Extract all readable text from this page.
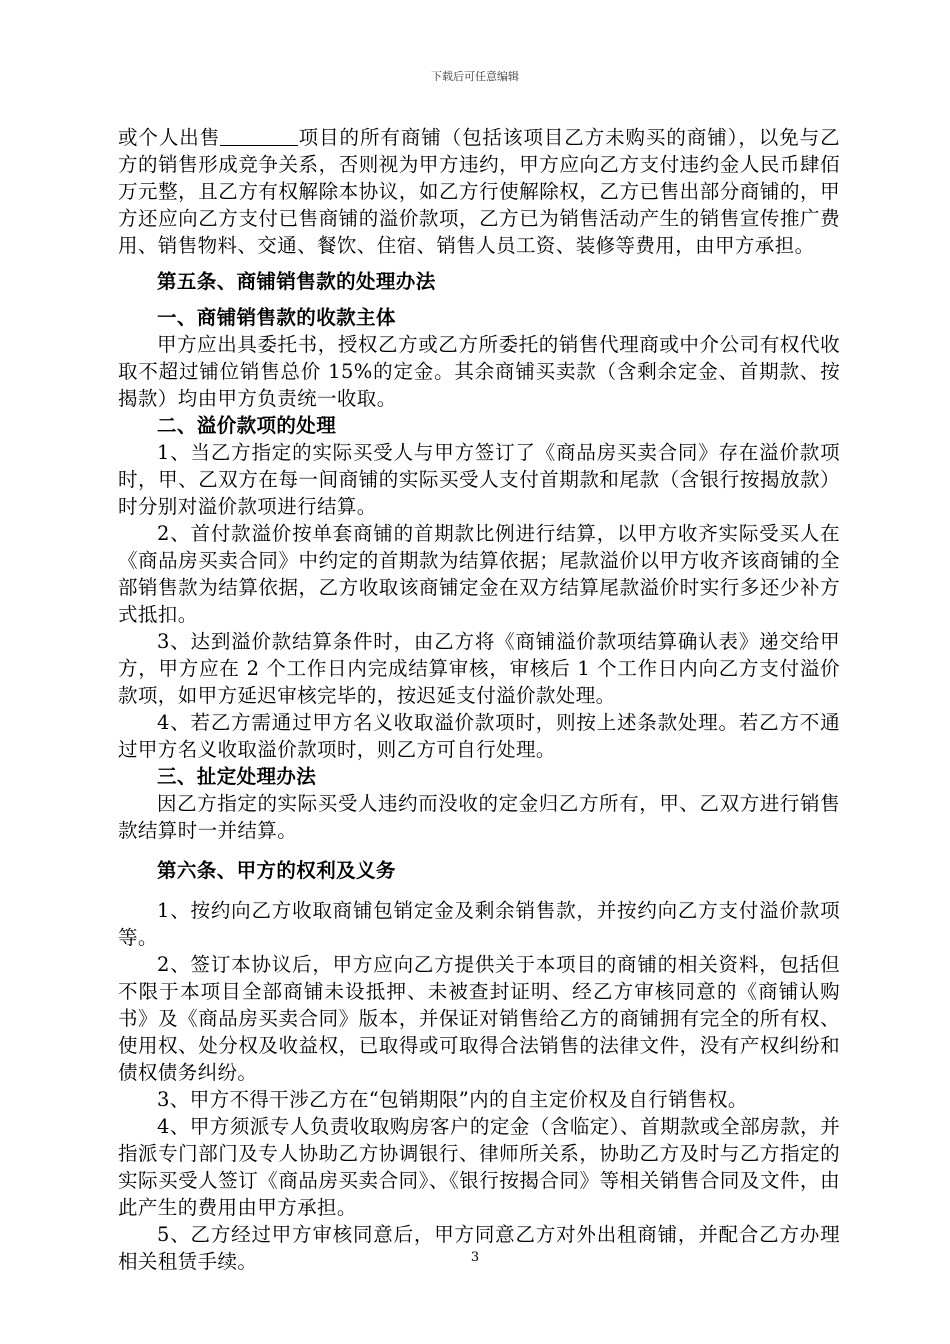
下载后可任意编辑

或个人出售	项目的所有商铺（包括该项目乙方未购买的商铺），以免与乙方的销售形成竞争关系，否则视为甲方违约，甲方应向乙方支付违约金人民币肆佰万元整，且乙方有权解除本协议，如乙方行使解除权，乙方已售出部分商铺的，甲方还应向乙方支付已售商铺的溢价款项，乙方已为销售活动产生的销售宣传推广费用、销售物料、交通、餐饮、住宿、销售人员工资、装修等费用，由甲方承担。

第五条、商铺销售款的处理办法

一、商铺销售款的收款主体

甲方应出具委托书，授权乙方或乙方所委托的销售代理商或中介公司有权代收取不超过铺位销售总价 15%的定金。其余商铺买卖款（含剩余定金、首期款、按揭款）均由甲方负责统一收取。

二、溢价款项的处理

1、当乙方指定的实际买受人与甲方签订了《商品房买卖合同》存在溢价款项时，甲、乙双方在每一间商铺的实际买受人支付首期款和尾款（含银行按揭放款）时分别对溢价款项进行结算。

2、首付款溢价按单套商铺的首期款比例进行结算，以甲方收齐实际受买人在《商品房买卖合同》中约定的首期款为结算依据；尾款溢价以甲方收齐该商铺的全部销售款为结算依据，乙方收取该商铺定金在双方结算尾款溢价时实行多还少补方式抵扣。

3、达到溢价款结算条件时，由乙方将《商铺溢价款项结算确认表》递交给甲方，甲方应在 2 个工作日内完成结算审核，审核后 1 个工作日内向乙方支付溢价款项，如甲方延迟审核完毕的，按迟延支付溢价款处理。

4、若乙方需通过甲方名义收取溢价款项时，则按上述条款处理。若乙方不通过甲方名义收取溢价款项时，则乙方可自行处理。

三、扯定处理办法

因乙方指定的实际买受人违约而没收的定金归乙方所有，甲、乙双方进行销售款结算时一并结算。

第六条、甲方的权利及义务

1、按约向乙方收取商铺包销定金及剩余销售款，并按约向乙方支付溢价款项等。

2、签订本协议后，甲方应向乙方提供关于本项目的商铺的相关资料，包括但不限于本项目全部商铺未设抵押、未被查封证明、经乙方审核同意的《商铺认购书》及《商品房买卖合同》版本，并保证对销售给乙方的商铺拥有完全的所有权、使用权、处分权及收益权，已取得或可取得合法销售的法律文件，没有产权纠纷和债权债务纠纷。

3、甲方不得干涉乙方在“包销期限”内的自主定价权及自行销售权。

4、甲方须派专人负责收取购房客户的定金（含临定）、首期款或全部房款，并指派专门部门及专人协助乙方协调银行、律师所关系，协助乙方及时与乙方指定的实际买受人签订《商品房买卖合同》、《银行按揭合同》等相关销售合同及文件，由此产生的费用由甲方承担。

5、乙方经过甲方审核同意后，甲方同意乙方对外出租商铺，并配合乙方办理相关租赁手续。	3
